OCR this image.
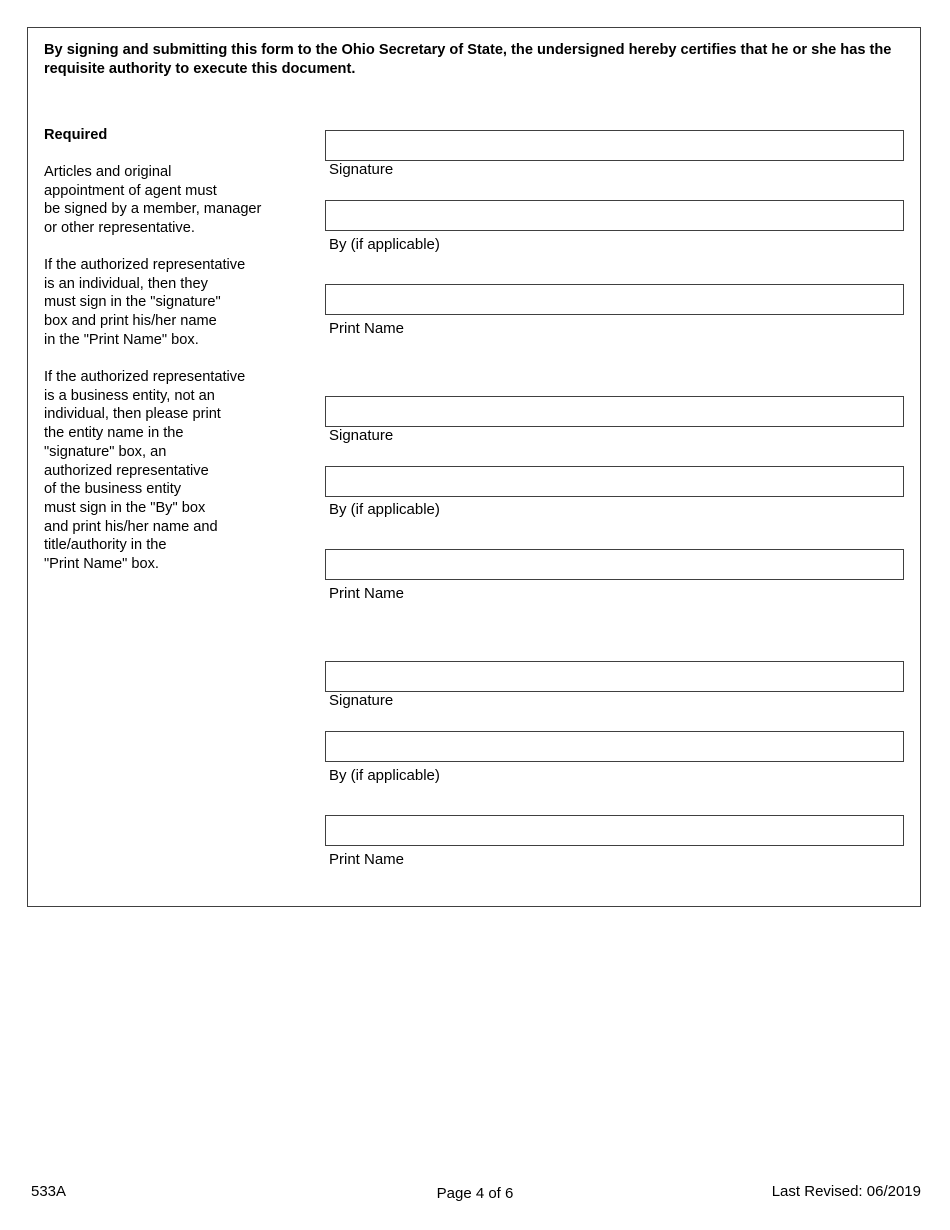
By signing and submitting this form to the Ohio Secretary of State, the undersigned hereby certifies that he or she has the requisite authority to execute this document.
Required
Articles and original
appointment of agent must
be signed by a member, manager
or other representative.
If the authorized representative
is an individual, then they
must sign in the "signature"
box and print his/her name
in the "Print Name" box.
If the authorized representative
is a business entity, not an
individual, then please print
the entity name in the
"signature" box, an
authorized representative
of the business entity
must sign in the "By" box
and print his/her name and
title/authority in the
"Print Name" box.
Signature
By (if applicable)
Print Name
Signature
By (if applicable)
Print Name
Signature
By (if applicable)
Print Name
533A	Page 4 of 6	Last Revised: 06/2019
